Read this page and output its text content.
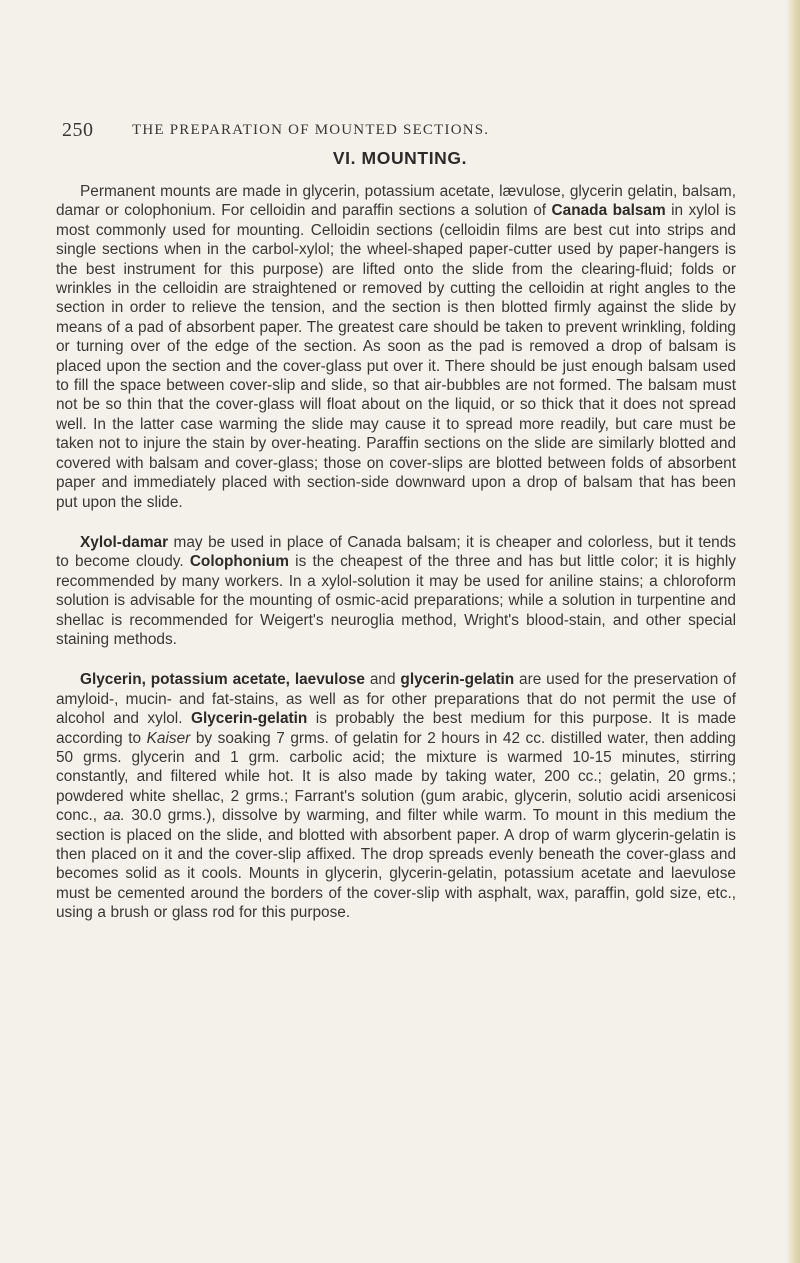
250	THE PREPARATION OF MOUNTED SECTIONS.
VI. MOUNTING.

Permanent mounts are made in glycerin, potassium acetate, lævulose, glycerin gelatin, balsam, damar or colophonium. For celloidin and paraffin sections a solution of Canada balsam in xylol is most commonly used for mounting. Celloidin sections (celloidin films are best cut into strips and single sections when in the carbol-xylol; the wheel-shaped paper-cutter used by paper-hangers is the best instrument for this purpose) are lifted onto the slide from the clearing-fluid; folds or wrinkles in the celloidin are straightened or removed by cutting the celloidin at right angles to the section in order to relieve the tension, and the section is then blotted firmly against the slide by means of a pad of absorbent paper. The greatest care should be taken to prevent wrinkling, folding or turning over of the edge of the section. As soon as the pad is removed a drop of balsam is placed upon the section and the cover-glass put over it. There should be just enough balsam used to fill the space between cover-slip and slide, so that air-bubbles are not formed. The balsam must not be so thin that the cover-glass will float about on the liquid, or so thick that it does not spread well. In the latter case warming the slide may cause it to spread more readily, but care must be taken not to injure the stain by over-heating. Paraffin sections on the slide are similarly blotted and covered with balsam and cover-glass; those on cover-slips are blotted between folds of absorbent paper and immediately placed with section-side downward upon a drop of balsam that has been put upon the slide.

Xylol-damar may be used in place of Canada balsam; it is cheaper and colorless, but it tends to become cloudy. Colophonium is the cheapest of the three and has but little color; it is highly recommended by many workers. In a xylol-solution it may be used for aniline stains; a chloroform solution is advisable for the mounting of osmic-acid preparations; while a solution in turpentine and shellac is recommended for Weigert's neuroglia method, Wright's blood-stain, and other special staining methods.

Glycerin, potassium acetate, laevulose and glycerin-gelatin are used for the preservation of amyloid-, mucin- and fat-stains, as well as for other preparations that do not permit the use of alcohol and xylol. Glycerin-gelatin is probably the best medium for this purpose. It is made according to Kaiser by soaking 7 grms. of gelatin for 2 hours in 42 cc. distilled water, then adding 50 grms. glycerin and 1 grm. carbolic acid; the mixture is warmed 10-15 minutes, stirring constantly, and filtered while hot. It is also made by taking water, 200 cc.; gelatin, 20 grms.; powdered white shellac, 2 grms.; Farrant's solution (gum arabic, glycerin, solutio acidi arsenicosi conc., aa. 30.0 grms.), dissolve by warming, and filter while warm. To mount in this medium the section is placed on the slide, and blotted with absorbent paper. A drop of warm glycerin-gelatin is then placed on it and the cover-slip affixed. The drop spreads evenly beneath the cover-glass and becomes solid as it cools. Mounts in glycerin, glycerin-gelatin, potassium acetate and laevulose must be cemented around the borders of the cover-slip with asphalt, wax, paraffin, gold size, etc., using a brush or glass rod for this purpose.
